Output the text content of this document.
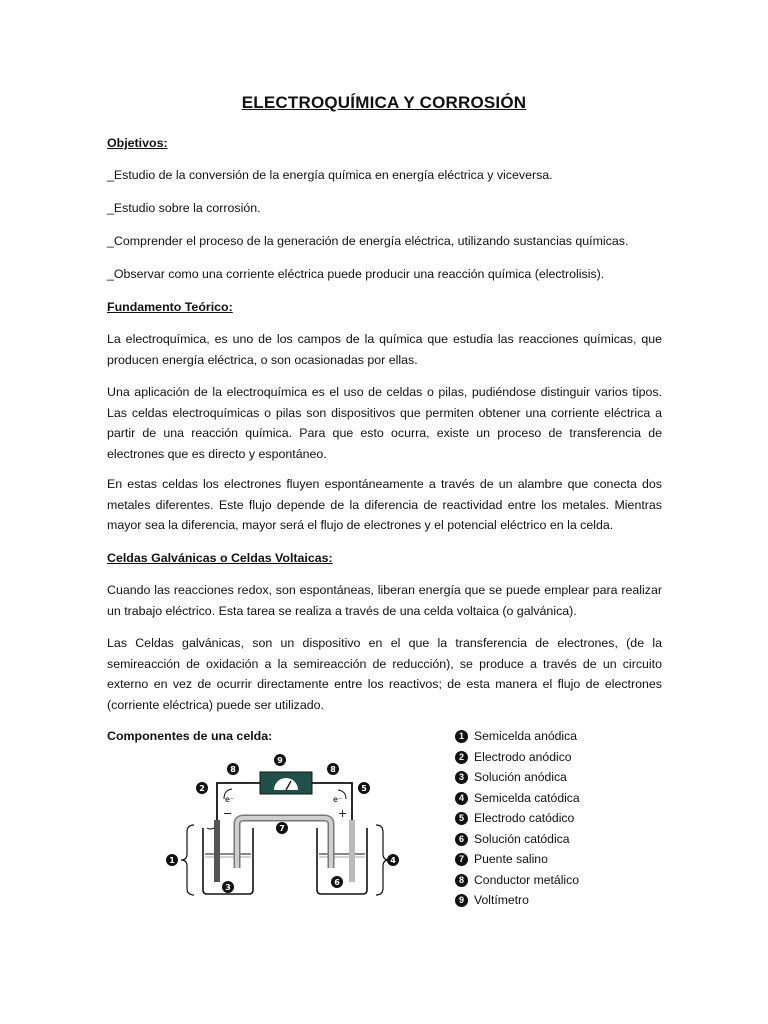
ELECTROQUÍMICA Y CORROSIÓN
Objetivos:
_Estudio de la conversión de la energía química en energía eléctrica y viceversa.
_Estudio sobre la corrosión.
_Comprender el proceso de la generación de energía eléctrica, utilizando sustancias químicas.
_Observar como una corriente eléctrica puede producir una reacción química (electrolisis).
Fundamento Teórico:
La electroquímica, es uno de los campos de la química que estudia las reacciones químicas, que producen energía eléctrica, o son ocasionadas por ellas.
Una aplicación de la electroquímica es el uso de celdas o pilas, pudiéndose distinguir varios tipos. Las celdas electroquímicas o pilas son dispositivos que permiten obtener una corriente eléctrica a partir de una reacción química. Para que esto ocurra, existe un proceso de transferencia de electrones que es directo y espontáneo.
En estas celdas los electrones fluyen espontáneamente a través de un alambre que conecta dos metales diferentes. Este flujo depende de la diferencia de reactividad entre los metales. Mientras mayor sea la diferencia, mayor será el flujo de electrones y el potencial eléctrico en la celda.
Celdas Galvánicas o Celdas Voltaicas:
Cuando las reacciones redox, son espontáneas, liberan energía que se puede emplear para realizar un trabajo eléctrico. Esta tarea se realiza a través de una celda voltaica (o galvánica).
Las Celdas galvánicas, son un dispositivo en el que la transferencia de electrones, (de la semireacción de oxidación a la semireacción de reducción), se produce a través de un circuito externo en vez de ocurrir directamente entre los reactivos; de esta manera el flujo de electrones (corriente eléctrica) puede ser utilizado.
Componentes de una celda:	1 Semicelda anódica
2 Electrodo anódico
3 Solución anódica
4 Semicelda catódica
5 Electrodo catódico
6 Solución catódica
7 Puente salino
8 Conductor metálico
9 Voltímetro
−	+
e⁻	e⁻
1
2
3
4
5
6
7
8	8
9
